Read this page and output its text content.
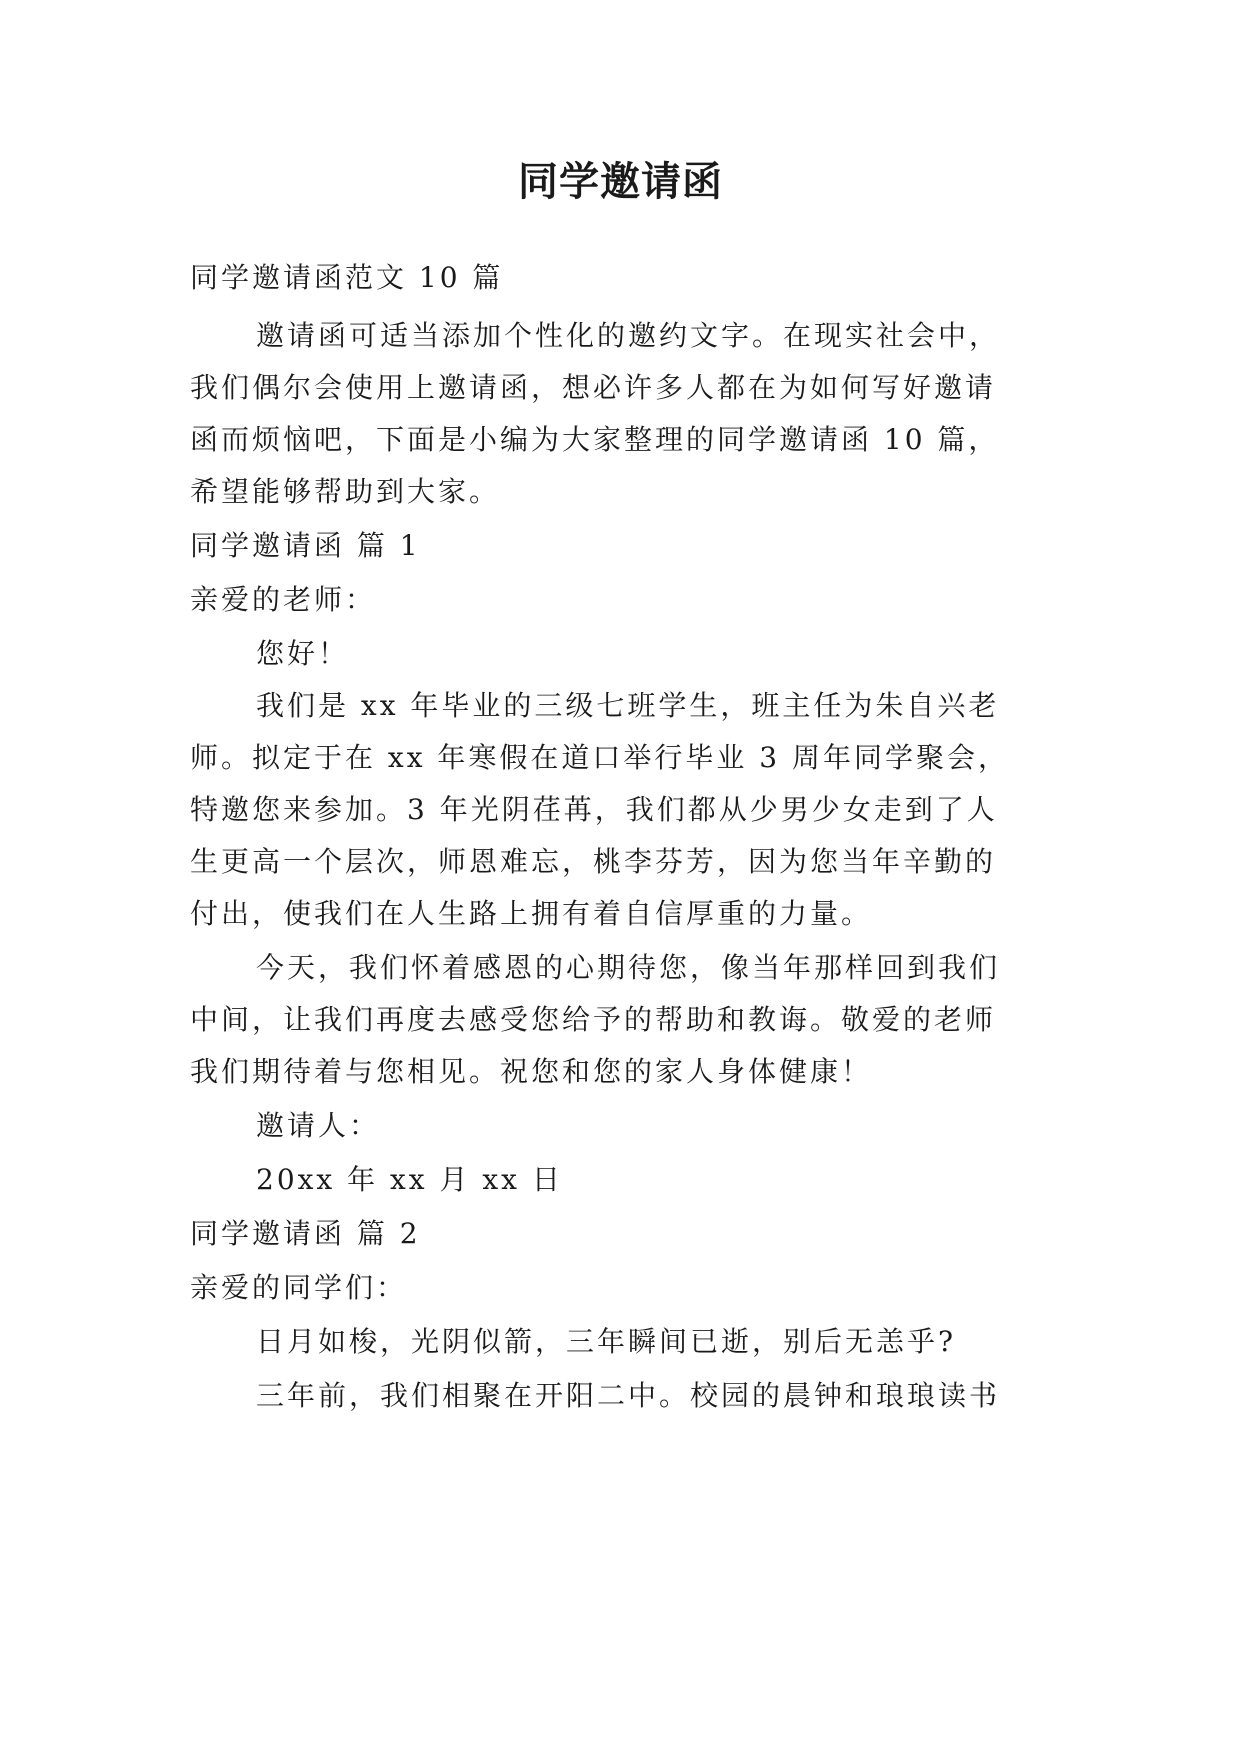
同学邀请函

同学邀请函范文 10 篇

邀请函可适当添加个性化的邀约文字。在现实社会中，

我们偶尔会使用上邀请函，想必许多人都在为如何写好邀请

函而烦恼吧，下面是小编为大家整理的同学邀请函 10 篇，

希望能够帮助到大家。

同学邀请函 篇 1

亲爱的老师：

您好！

我们是 xx 年毕业的三级七班学生，班主任为朱自兴老

师。拟定于在 xx 年寒假在道口举行毕业 3 周年同学聚会，

特邀您来参加。3 年光阴荏苒，我们都从少男少女走到了人

生更高一个层次，师恩难忘，桃李芬芳，因为您当年辛勤的

付出，使我们在人生路上拥有着自信厚重的力量。

今天，我们怀着感恩的心期待您，像当年那样回到我们

中间，让我们再度去感受您给予的帮助和教诲。敬爱的老师

我们期待着与您相见。祝您和您的家人身体健康！

邀请人：

20xx 年 xx 月 xx 日

同学邀请函 篇 2

亲爱的同学们：

日月如梭，光阴似箭，三年瞬间已逝，别后无恙乎?

三年前，我们相聚在开阳二中。校园的晨钟和琅琅读书
